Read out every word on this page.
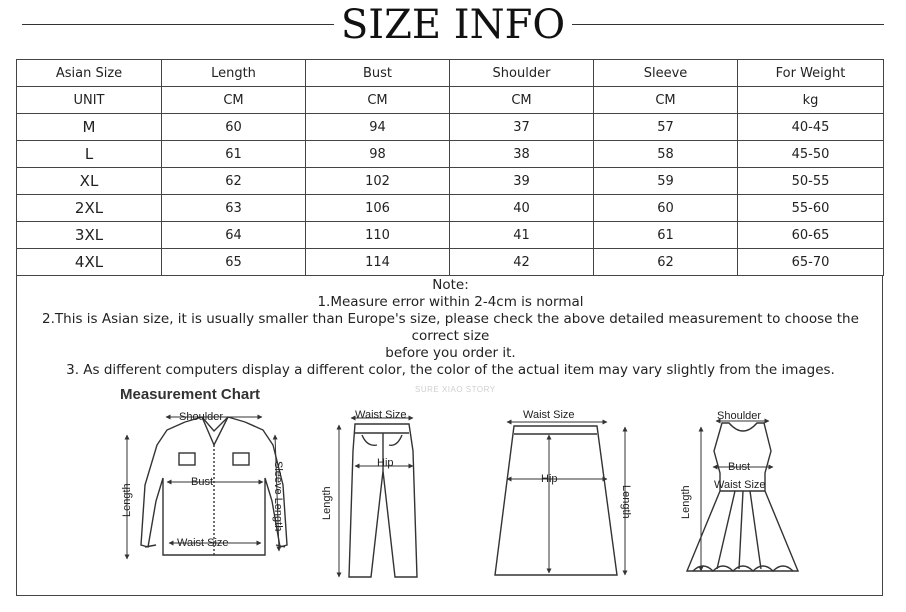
SIZE INFO
Asian Size	Length	Bust	Shoulder	Sleeve	For Weight
UNIT	CM	CM	CM	CM	kg
M	60	94	37	57	40-45
L	61	98	38	58	45-50
XL	62	102	39	59	50-55
2XL	63	106	40	60	55-60
3XL	64	110	41	61	60-65
4XL	65	114	42	62	65-70
Note:
1.Measure error within 2-4cm is normal
2.This is Asian size, it is usually smaller than Europe's size, please check the above detailed measurement to choose the correct size
before you order it.
3. As different computers display a different color, the color of the actual item may vary slightly from the images.
Measurement Chart	SURE XIAO STORY
Shoulder
Bust
Waist Size
Length	Sleeve Length
Waist Size
Hip
Length
Waist Size
Hip
Length
Shoulder
Bust
Waist Size
Length
